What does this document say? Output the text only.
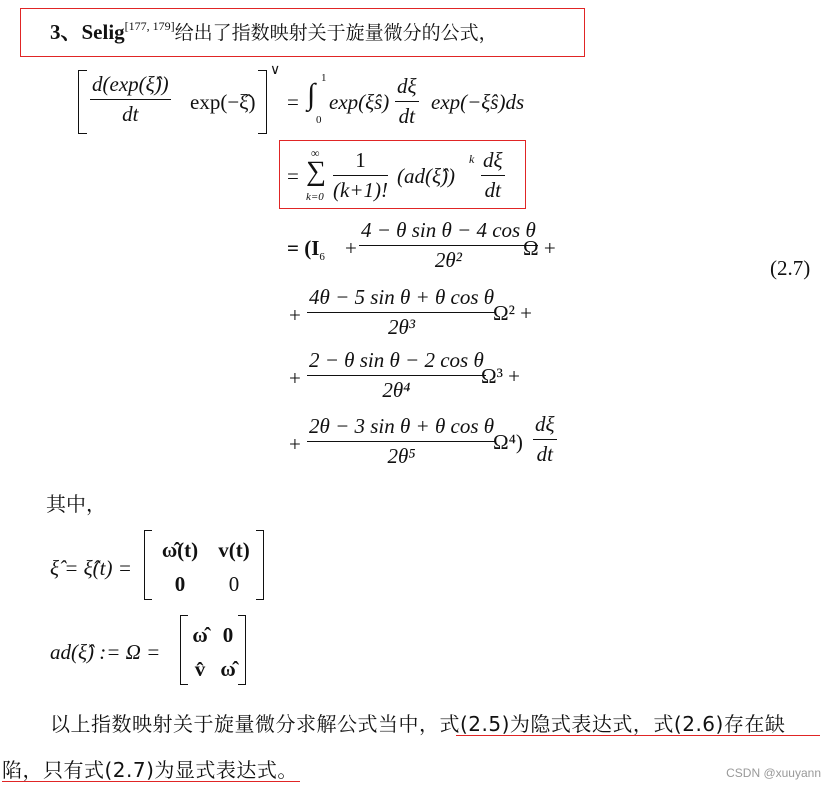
3、Selig[177, 179]给出了指数映射关于旋量微分的公式，
$\frac{d(\exp(\xî))}{dt}$ exp(−ξ̂)
∨
= ∫ 1
0
exp(ξ̂s) $\frac{d\xi}{dt}$ exp(−ξ̂s)ds
=
∞
∑
$k=0 \frac{1}{(k+1)!}$ (ad(ξ̂))
k $\frac{d\xi}{dt}$
= ($I_6 + \frac{\text{4 − θ sin θ − 4 cos θ}}{\text{2θ²}}$
Ω +
(2.7)
+ $\frac{\text{4θ − 5 sin θ + θ cos θ}}{\text{2θ³}}$
Ω² +
+ $\frac{\text{2 − θ sin θ − 2 cos θ}}{\text{2θ⁴}}$
Ω³ +
+ $\frac{\text{2θ − 3 sin θ + θ cos θ}}{\text{2θ⁵}}$
$\Omega^4) \frac{d\xi}{dt}$
其中，
ξ̂ = ξ̂(t) =
ω̂(t) v(t)
0	0
ad(ξ̂) := Ω =
ω̂ 0
v̂ ω̂
以上指数映射关于旋量微分求解公式当中，式(2.5)为隐式表达式，式(2.6)存在缺
陷，只有式(2.7)为显式表达式。	CSDN @xuuyann
